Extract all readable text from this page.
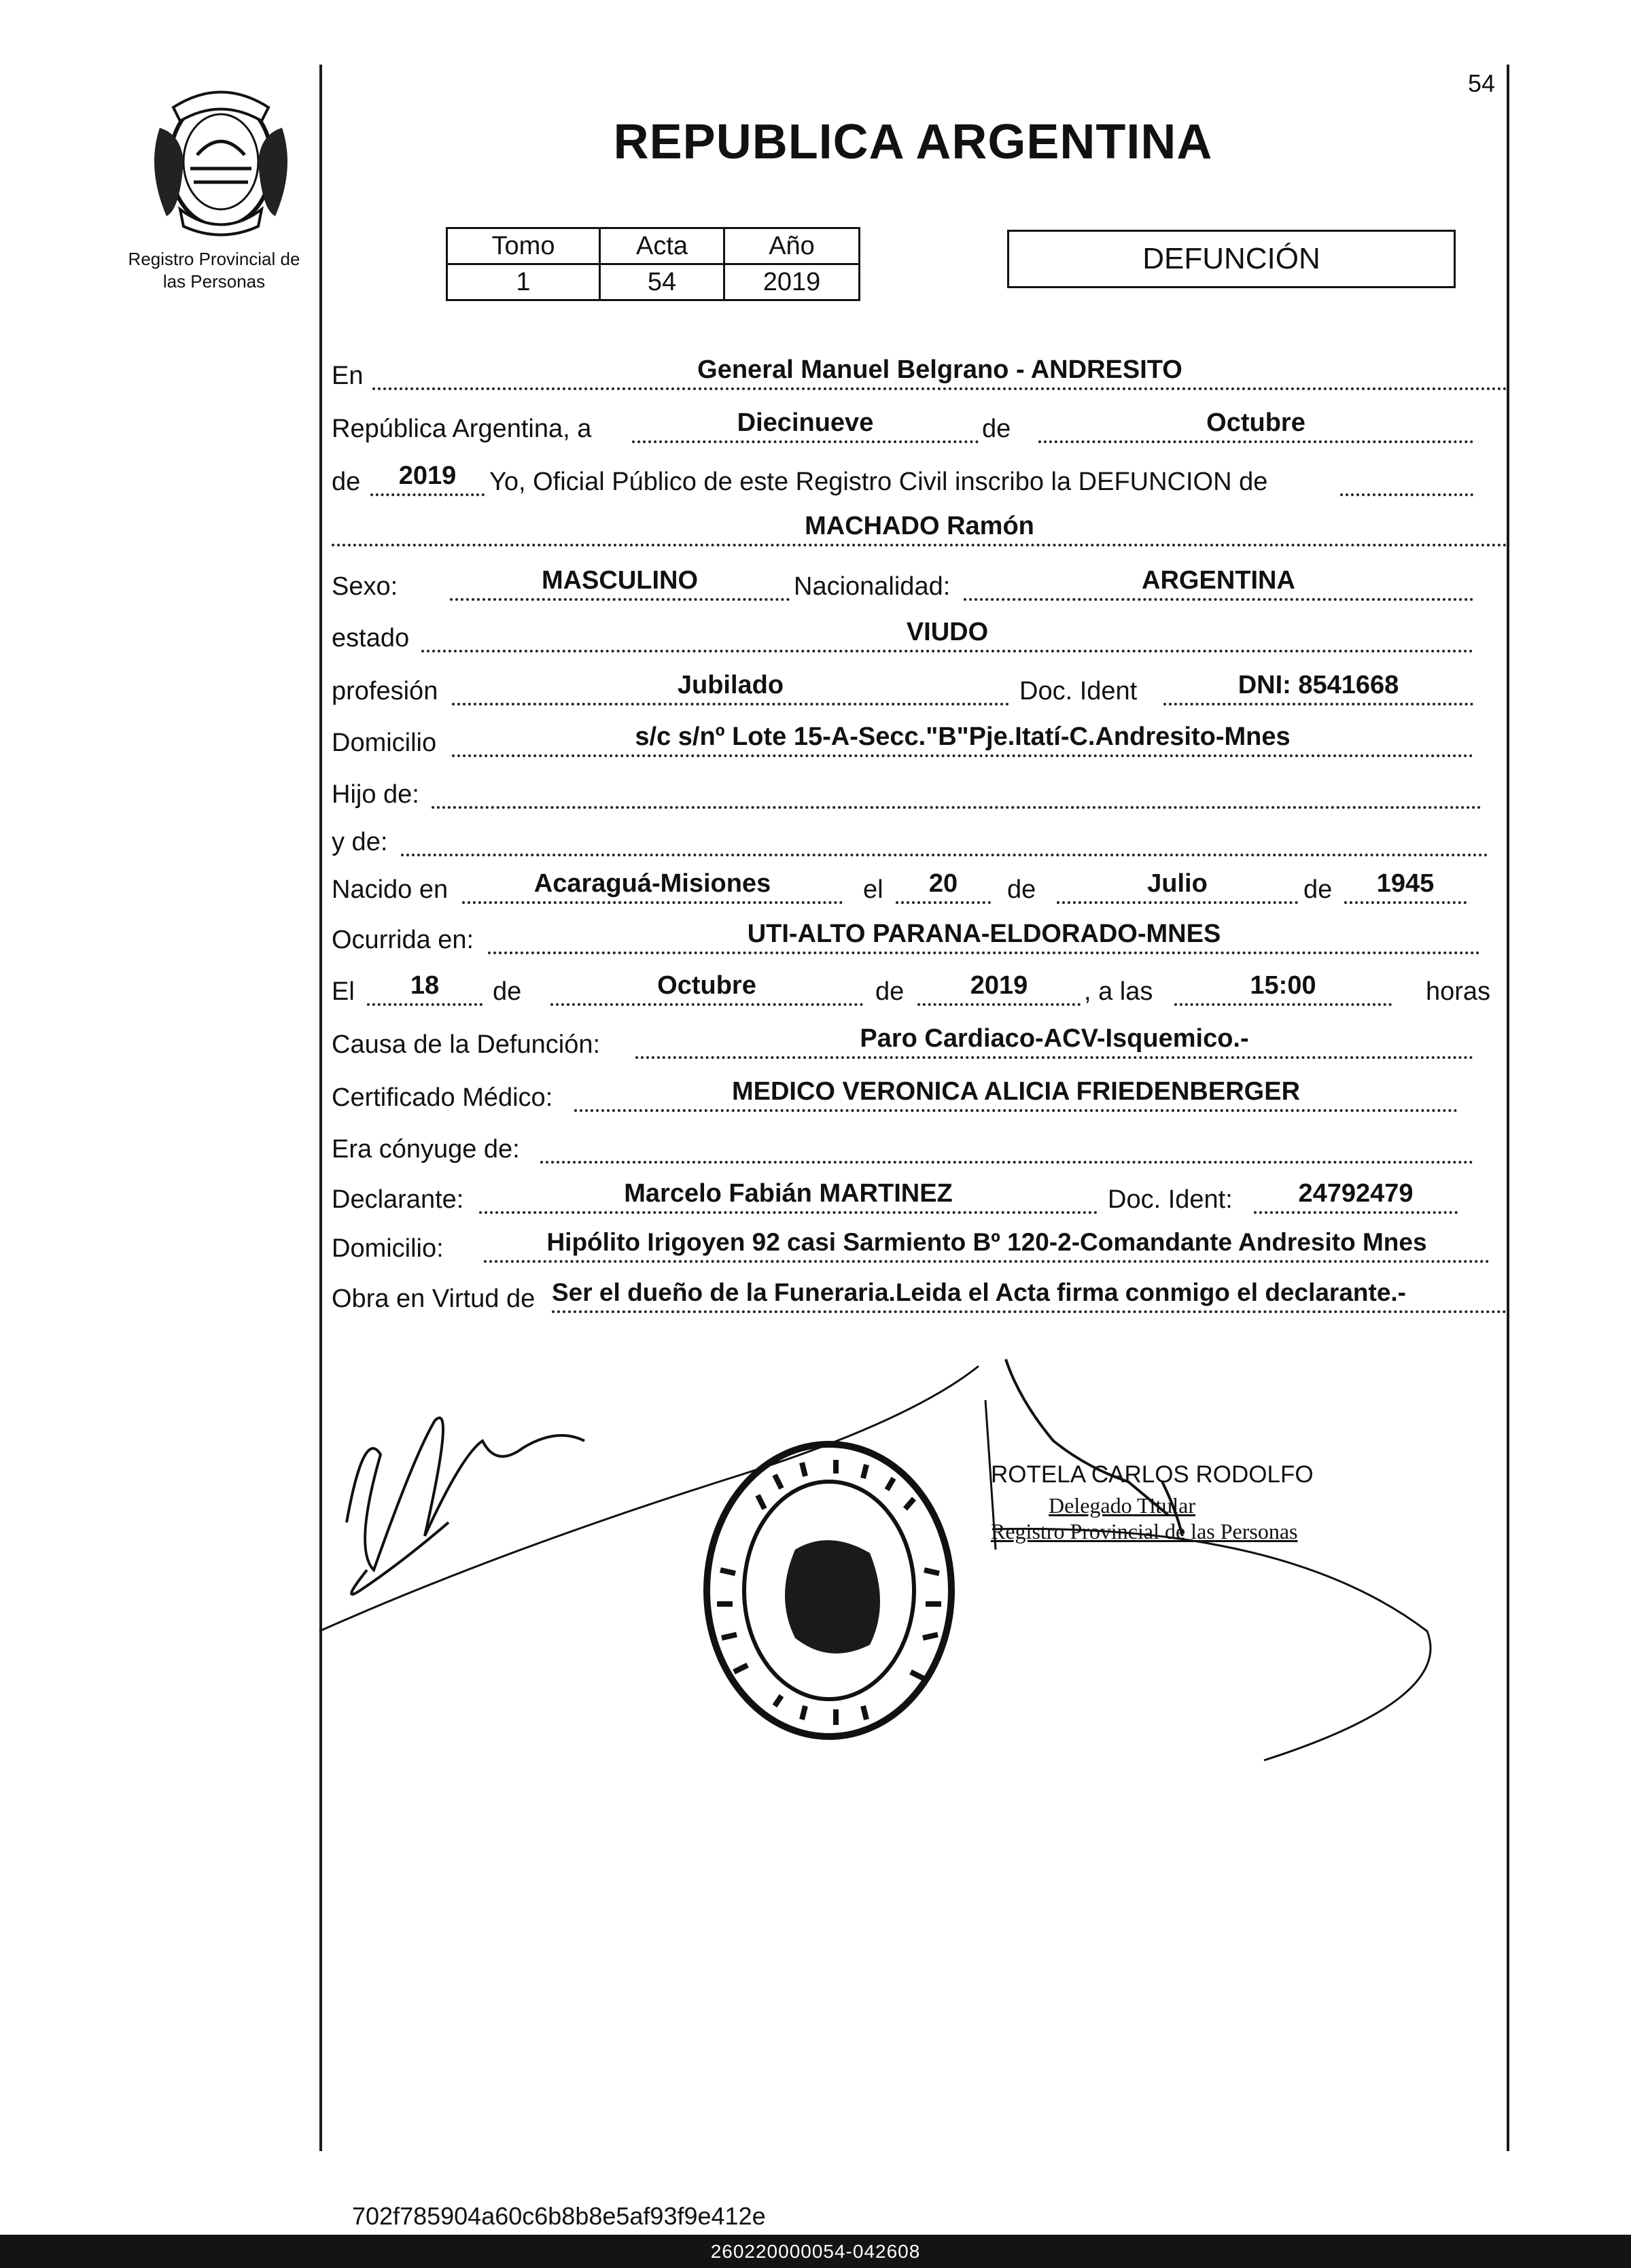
54
Registro Provincial de
las Personas
REPUBLICA ARGENTINA
Tomo	Acta	Año
1	54	2019
DEFUNCIÓN
En	General Manuel Belgrano - ANDRESITO
República Argentina, a	Diecinueve	de	Octubre
de	2019	Yo, Oficial Público de este Registro Civil inscribo la DEFUNCION de
MACHADO Ramón
Sexo:	MASCULINO	Nacionalidad:	ARGENTINA
estado	VIUDO
profesión	Jubilado	Doc. Ident	DNI: 8541668
Domicilio	s/c s/nº Lote 15-A-Secc."B"Pje.Itatí-C.Andresito-Mnes
Hijo de:
y de:
Nacido en	Acaraguá-Misiones	el	20	de	Julio	de	1945
Ocurrida en:	UTI-ALTO PARANA-ELDORADO-MNES
El	18	de	Octubre	de	2019	, a las	15:00	horas
Causa de la Defunción:	Paro Cardiaco-ACV-Isquemico.-
Certificado Médico:	MEDICO VERONICA ALICIA FRIEDENBERGER
Era cónyuge de:
Declarante:	Marcelo Fabián MARTINEZ	Doc. Ident:	24792479
Domicilio:	Hipólito Irigoyen 92 casi Sarmiento Bº 120-2-Comandante Andresito Mnes
Obra en Virtud de Ser el dueño de la Funeraria.Leida el Acta firma conmigo el declarante.-
ROTELA CARLOS RODOLFO
Delegado Titular
Registro Provincial de las Personas
702f785904a60c6b8b8e5af93f9e412e
260220000054-042608
